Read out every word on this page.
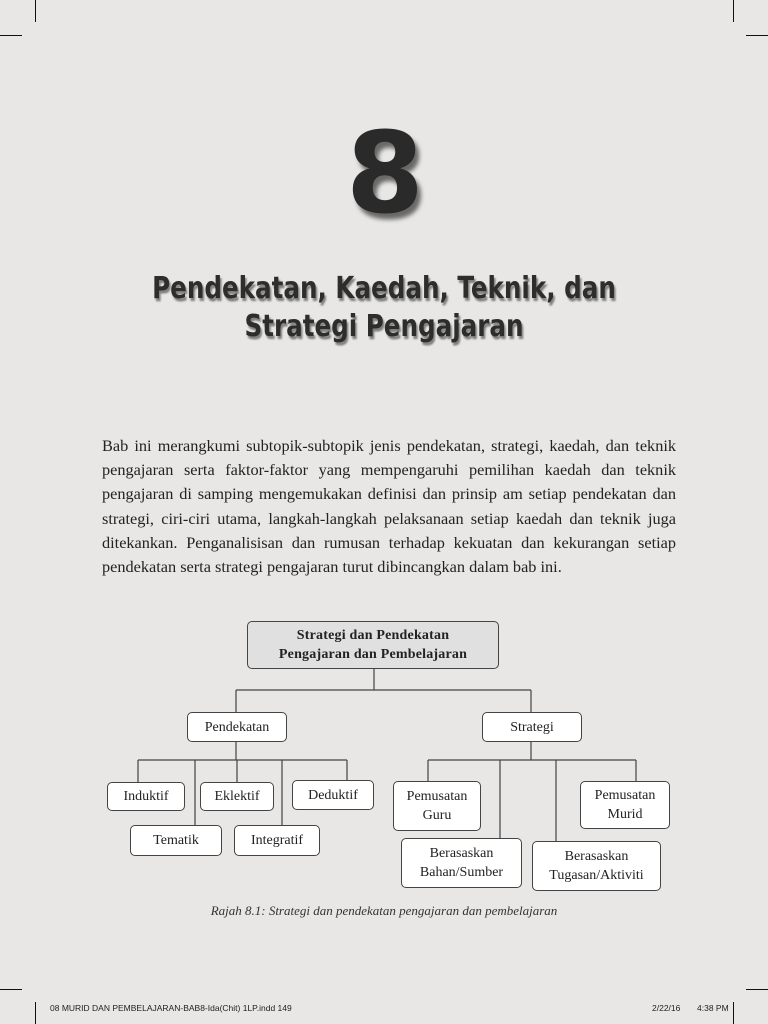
8
Pendekatan, Kaedah, Teknik, dan
Strategi Pengajaran
Bab ini merangkumi subtopik-subtopik jenis pendekatan, strategi, kaedah, dan teknik pengajaran serta faktor-faktor yang mempengaruhi pemilihan kaedah dan teknik pengajaran di samping mengemukakan definisi dan prinsip am setiap pendekatan dan strategi, ciri-ciri utama, langkah-langkah pelaksanaan setiap kaedah dan teknik juga ditekankan. Penganalisisan dan rumusan terhadap kekuatan dan kekurangan setiap pendekatan serta strategi pengajaran turut dibincangkan dalam bab ini.
Strategi dan Pendekatan
Pengajaran dan Pembelajaran
Pendekatan	Strategi
Induktif	Eklektif	Deduktif
Tematik	Integratif
Pemusatan
Guru
Pemusatan
Murid
Berasaskan
Bahan/Sumber
Berasaskan
Tugasan/Aktiviti
Rajah 8.1: Strategi dan pendekatan pengajaran dan pembelajaran
08 MURID DAN PEMBELAJARAN-BAB8-Ida(Chit) 1LP.indd 149	2/22/16 4:38 PM
